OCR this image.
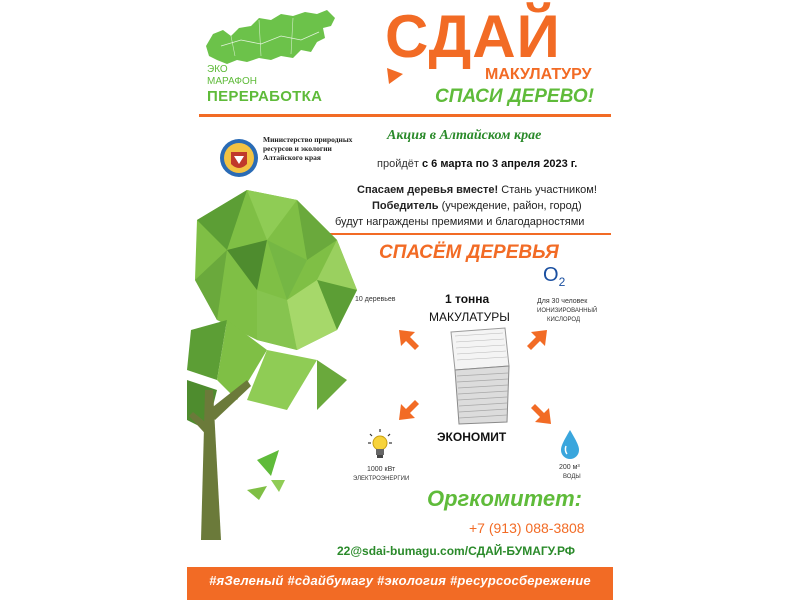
ЭКО
МАРАФОН
ПЕРЕРАБОТКА
СДАЙ
МАКУЛАТУРУ
СПАСИ ДЕРЕВО!
Министерство природных ресурсов и экологии Алтайского края
Акция в Алтайском крае
пройдёт с 6 марта по 3 апреля 2023 г.
Спасаем деревья вместе! Стань участником!
Победитель (учреждение, район, город)
будут награждены премиями и благодарностями
СПАСЁМ ДЕРЕВЬЯ
10 деревьев	1 тонна
МАКУЛАТУРЫ
$O_2$
Для 30 человек
ИОНИЗИРОВАННЫЙ
КИСЛОРОД
ЭКОНОМИТ
1000 кВт
ЭЛЕКТРОЭНЕРГИИ
200 м³
ВОДЫ
Оргкомитет:
+7 (913) 088-3808
22@sdai-bumagu.com/СДАЙ-БУМАГУ.РФ
#яЗеленый #сдайбумагу #экология #ресурсосбережение
